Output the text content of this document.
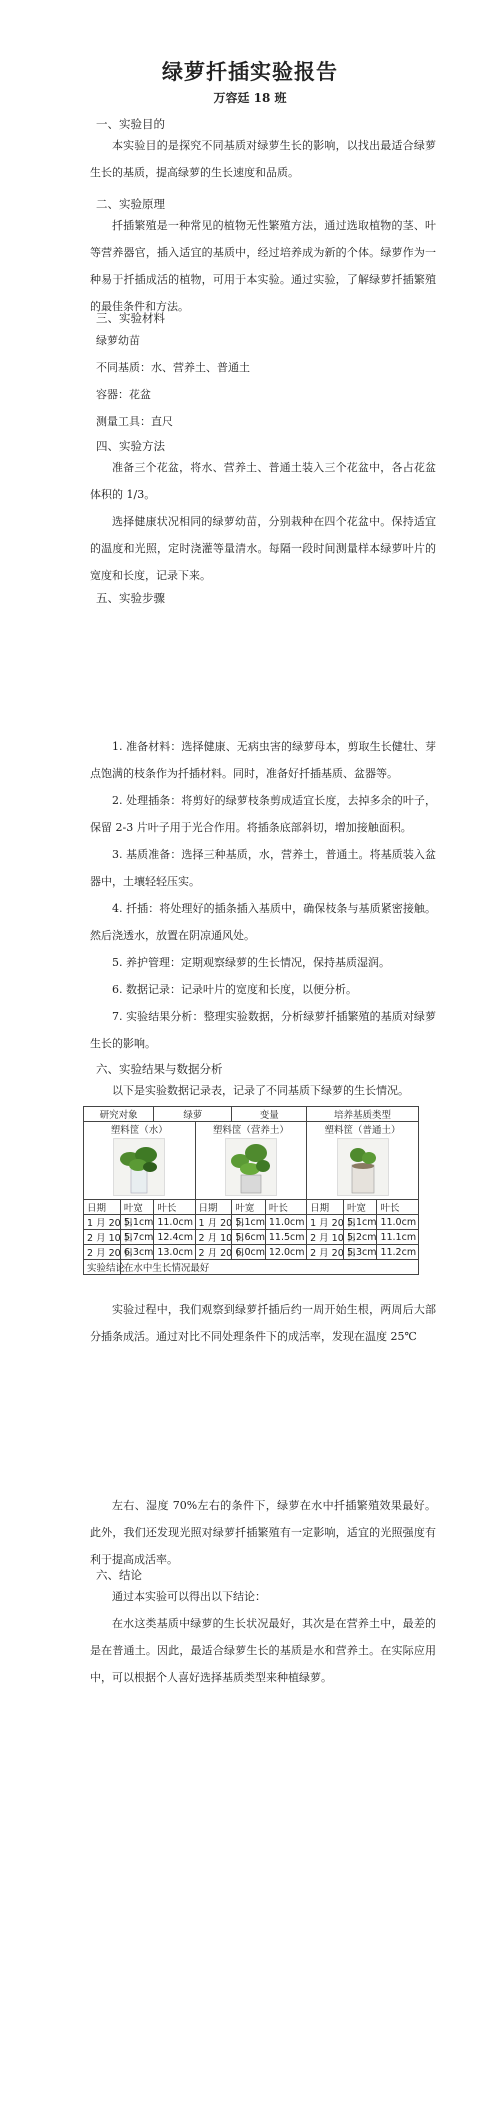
绿萝扦插实验报告
万容廷 18 班
一、实验目的
本实验目的是探究不同基质对绿萝生长的影响，以找出最适合绿萝生长的基质，提高绿萝的生长速度和品质。
二、实验原理
扦插繁殖是一种常见的植物无性繁殖方法，通过选取植物的茎、叶等营养器官，插入适宜的基质中，经过培养成为新的个体。绿萝作为一种易于扦插成活的植物，可用于本实验。通过实验，了解绿萝扦插繁殖的最佳条件和方法。
三、实验材料
绿萝幼苗
不同基质：水、营养土、普通土
容器：花盆
测量工具：直尺
四、实验方法
准备三个花盆，将水、营养土、普通土装入三个花盆中，各占花盆体积的 1/3。
选择健康状况相同的绿萝幼苗，分别栽种在四个花盆中。保持适宜的温度和光照，定时浇灌等量清水。每隔一段时间测量样本绿萝叶片的宽度和长度，记录下来。
五、实验步骤
1. 准备材料：选择健康、无病虫害的绿萝母本，剪取生长健壮、芽点饱满的枝条作为扦插材料。同时，准备好扦插基质、盆器等。
2. 处理插条：将剪好的绿萝枝条剪成适宜长度，去掉多余的叶子，保留 2-3 片叶子用于光合作用。将插条底部斜切，增加接触面积。
3. 基质准备：选择三种基质，水，营养土，普通土。将基质装入盆器中，土壤轻轻压实。
4. 扦插：将处理好的插条插入基质中，确保枝条与基质紧密接触。然后浇透水，放置在阴凉通风处。
5. 养护管理：定期观察绿萝的生长情况，保持基质湿润。
6. 数据记录：记录叶片的宽度和长度，以便分析。
7. 实验结果分析：整理实验数据，分析绿萝扦插繁殖的基质对绿萝生长的影响。
六、实验结果与数据分析
以下是实验数据记录表，记录了不同基质下绿萝的生长情况。
研究对象		绿萝		变量		培养基质类型		

塑料筐（水）			塑料筐（营养土）			塑料筐（普通土）		

日期	叶宽	叶长	日期	叶宽	叶长	日期	叶宽	叶长
1 月 20 日	5.1cm	11.0cm	1 月 20 日	5.1cm	11.0cm	1 月 20 日	5.1cm	11.0cm
2 月 10 日	5.7cm	12.4cm	2 月 10 日	5.6cm	11.5cm	2 月 10 日	5.2cm	11.1cm
2 月 20 日	6.3cm	13.0cm	2 月 20 日	6.0cm	12.0cm	2 月 20 日	5.3cm	11.2cm
实验结论	在水中生长情况最好							
实验过程中，我们观察到绿萝扦插后约一周开始生根，两周后大部分插条成活。通过对比不同处理条件下的成活率，发现在温度 25℃
左右、湿度 70%左右的条件下，绿萝在水中扦插繁殖效果最好。此外，我们还发现光照对绿萝扦插繁殖有一定影响，适宜的光照强度有利于提高成活率。
六、结论
通过本实验可以得出以下结论：
在水这类基质中绿萝的生长状况最好，其次是在营养土中，最差的是在普通土。因此，最适合绿萝生长的基质是水和营养土。在实际应用中，可以根据个人喜好选择基质类型来种植绿萝。
